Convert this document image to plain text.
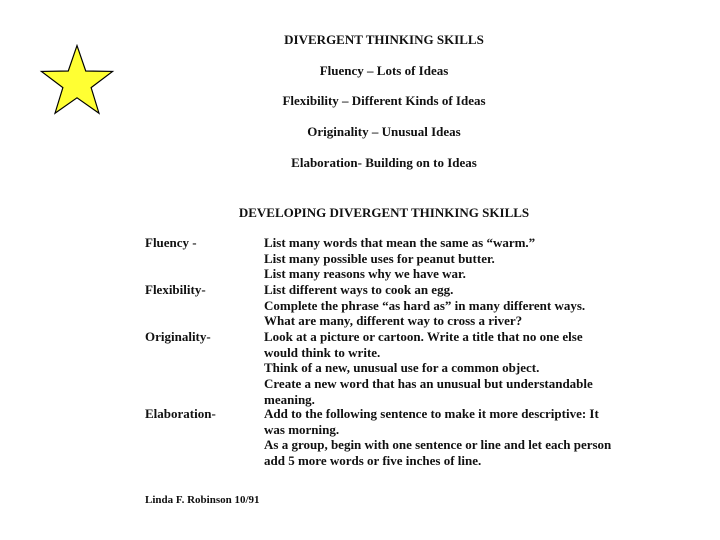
DIVERGENT THINKING SKILLS
Fluency – Lots of Ideas
Flexibility – Different Kinds of Ideas
Originality – Unusual Ideas
Elaboration- Building on to Ideas
DEVELOPING DIVERGENT THINKING SKILLS
Fluency -	List many words that mean the same as “warm.”
List many possible uses for peanut butter.
List many reasons why we have war.
Flexibility-	List different ways to cook an egg.
Complete the phrase “as hard as” in many different ways.
What are many, different way to cross a river?
Originality-	Look at a picture or cartoon. Write a title that no one else
would think to write.
Think of a new, unusual use for a common object.
Create a new word that has an unusual but understandable
meaning.
Elaboration-	Add to the following sentence to make it more descriptive: It
was morning.
As a group, begin with one sentence or line and let each person
add 5 more words or five inches of line.
Linda F. Robinson 10/91
